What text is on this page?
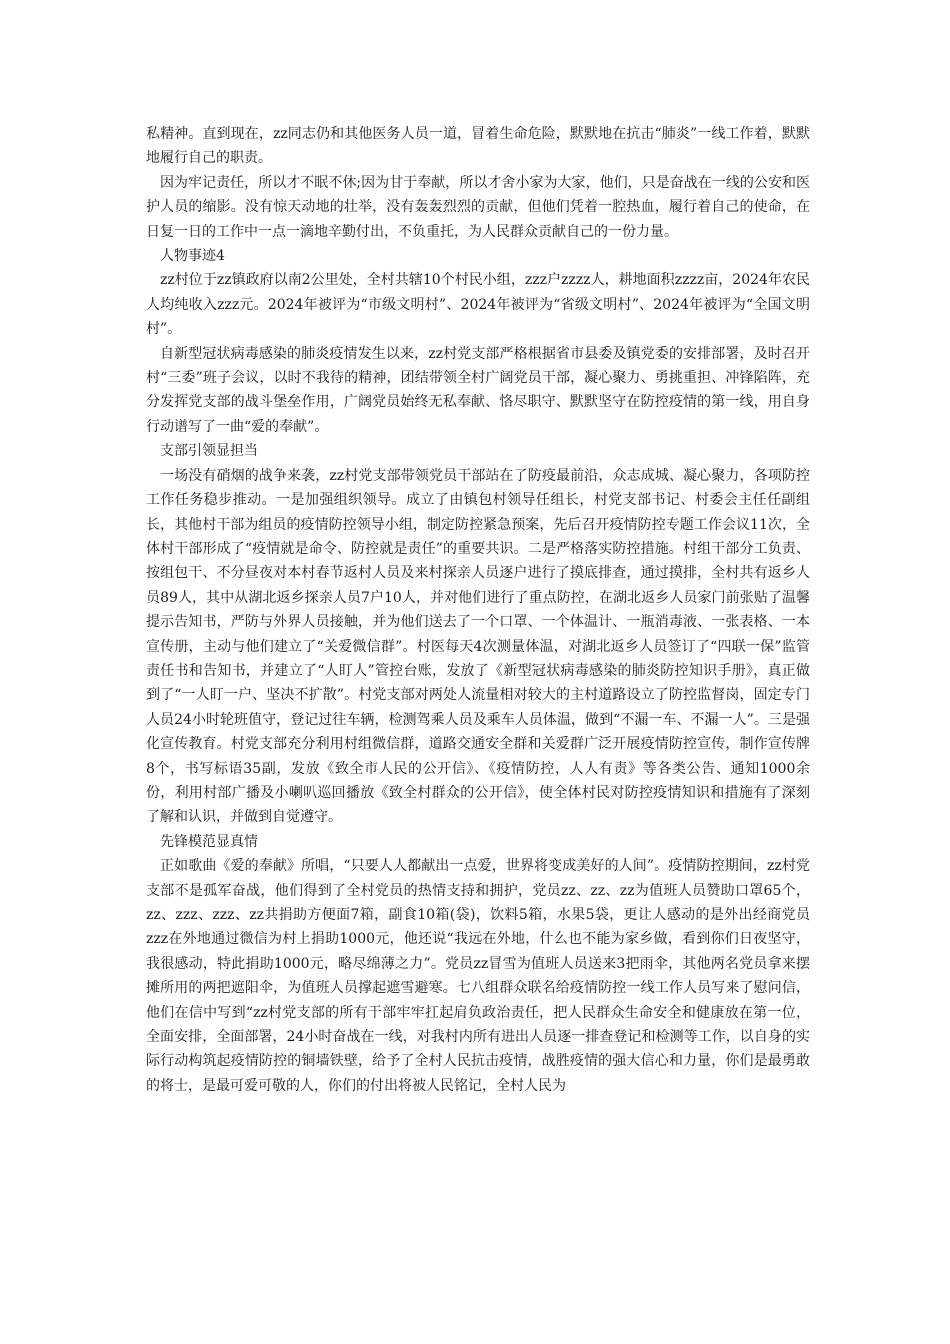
私精神。直到现在，zz同志仍和其他医务人员一道，冒着生命危险，默默地在抗击“肺炎”一线工作着，默默地履行自己的职责。

因为牢记责任，所以才不眠不休;因为甘于奉献，所以才舍小家为大家，他们，只是奋战在一线的公安和医护人员的缩影。没有惊天动地的壮举，没有轰轰烈烈的贡献，但他们凭着一腔热血，履行着自己的使命，在日复一日的工作中一点一滴地辛勤付出，不负重托，为人民群众贡献自己的一份力量。

人物事迹4

zz村位于zz镇政府以南2公里处，全村共辖10个村民小组，zzz户zzzz人，耕地面积zzzz亩，2024年农民人均纯收入zzz元。2024年被评为“市级文明村”、2024年被评为“省级文明村”、2024年被评为“全国文明村”。

自新型冠状病毒感染的肺炎疫情发生以来，zz村党支部严格根据省市县委及镇党委的安排部署，及时召开村“三委”班子会议，以时不我待的精神，团结带领全村广阔党员干部，凝心聚力、勇挑重担、冲锋陷阵，充分发挥党支部的战斗堡垒作用，广阔党员始终无私奉献、恪尽职守、默默坚守在防控疫情的第一线，用自身行动谱写了一曲“爱的奉献”。

支部引领显担当

一场没有硝烟的战争来袭，zz村党支部带领党员干部站在了防疫最前沿，众志成城、凝心聚力，各项防控工作任务稳步推动。一是加强组织领导。成立了由镇包村领导任组长，村党支部书记、村委会主任任副组长，其他村干部为组员的疫情防控领导小组，制定防控紧急预案，先后召开疫情防控专题工作会议11次，全体村干部形成了“疫情就是命令、防控就是责任”的重要共识。二是严格落实防控措施。村组干部分工负责、按组包干、不分昼夜对本村春节返村人员及来村探亲人员逐户进行了摸底排查，通过摸排，全村共有返乡人员89人，其中从湖北返乡探亲人员7户10人，并对他们进行了重点防控，在湖北返乡人员家门前张贴了温馨提示告知书，严防与外界人员接触，并为他们送去了一个口罩、一个体温计、一瓶消毒液、一张表格、一本宣传册，主动与他们建立了“关爱微信群”。村医每天4次测量体温，对湖北返乡人员签订了“四联一保”监管责任书和告知书，并建立了“人盯人”管控台账，发放了《新型冠状病毒感染的肺炎防控知识手册》，真正做到了“一人盯一户、坚决不扩散”。村党支部对两处人流量相对较大的主村道路设立了防控监督岗，固定专门人员24小时轮班值守，登记过往车辆，检测驾乘人员及乘车人员体温，做到“不漏一车、不漏一人”。三是强化宣传教育。村党支部充分利用村组微信群，道路交通安全群和关爱群广泛开展疫情防控宣传，制作宣传牌8个，书写标语35副，发放《致全市人民的公开信》、《疫情防控，人人有责》等各类公告、通知1000余份，利用村部广播及小喇叭巡回播放《致全村群众的公开信》，使全体村民对防控疫情知识和措施有了深刻了解和认识，并做到自觉遵守。

先锋模范显真情

正如歌曲《爱的奉献》所唱，“只要人人都献出一点爱，世界将变成美好的人间”。疫情防控期间，zz村党支部不是孤军奋战，他们得到了全村党员的热情支持和拥护，党员zz、zz、zz为值班人员赞助口罩65个，zz、zzz、zzz、zz共捐助方便面7箱，副食10箱(袋)，饮料5箱，水果5袋，更让人感动的是外出经商党员zzz在外地通过微信为村上捐助1000元，他还说“我远在外地，什么也不能为家乡做，看到你们日夜坚守，我很感动，特此捐助1000元，略尽绵薄之力”。党员zz冒雪为值班人员送来3把雨伞，其他两名党员拿来摆摊所用的两把遮阳伞，为值班人员撑起遮雪避寒。七八组群众联名给疫情防控一线工作人员写来了慰问信，他们在信中写到“zz村党支部的所有干部牢牢扛起肩负政治责任，把人民群众生命安全和健康放在第一位，全面安排，全面部署，24小时奋战在一线，对我村内所有进出人员逐一排查登记和检测等工作，以自身的实际行动构筑起疫情防控的铜墙铁壁，给予了全村人民抗击疫情，战胜疫情的强大信心和力量，你们是最勇敢的将士，是最可爱可敬的人，你们的付出将被人民铭记，全村人民为
